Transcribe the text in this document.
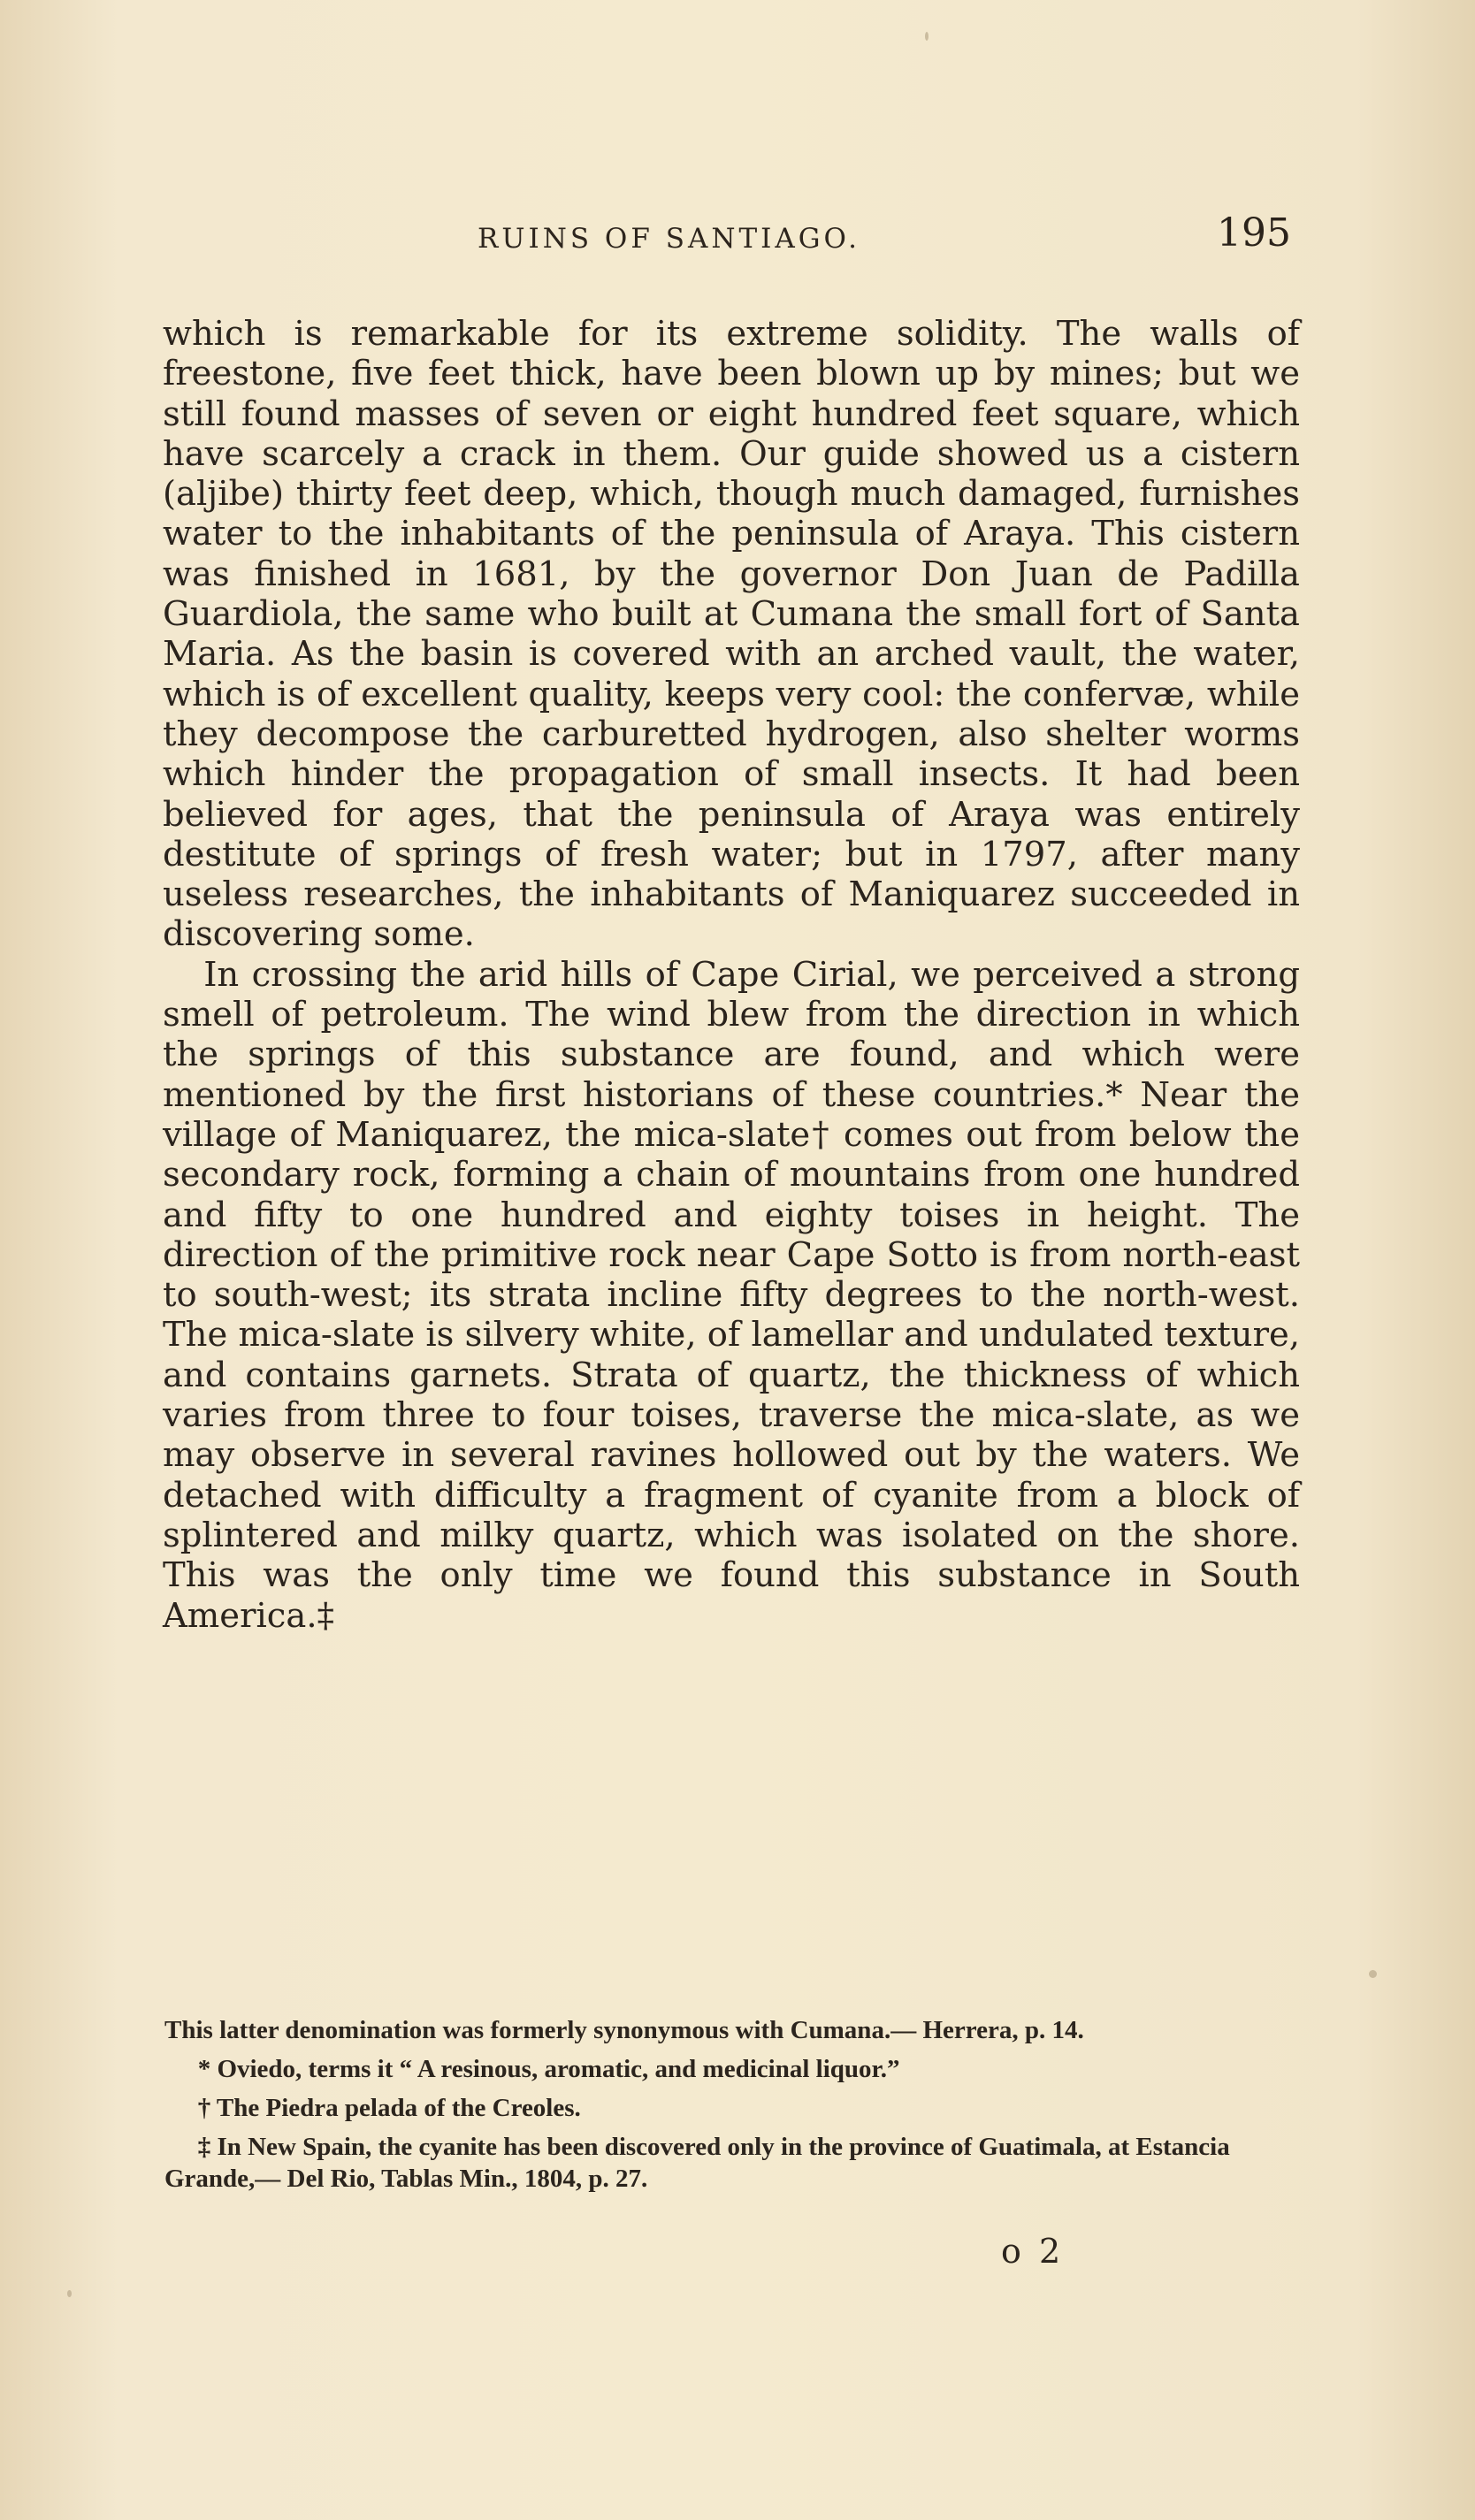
RUINS OF SANTIAGO.	195

which is remarkable for its extreme solidity. The walls of freestone, five feet thick, have been blown up by mines; but we still found masses of seven or eight hundred feet square, which have scarcely a crack in them. Our guide showed us a cistern (aljibe) thirty feet deep, which, though much damaged, furnishes water to the inhabitants of the peninsula of Araya. This cistern was finished in 1681, by the governor Don Juan de Padilla Guardiola, the same who built at Cumana the small fort of Santa Maria. As the basin is covered with an arched vault, the water, which is of excellent quality, keeps very cool: the confervæ, while they decompose the carburetted hydrogen, also shelter worms which hinder the propagation of small insects. It had been believed for ages, that the peninsula of Araya was entirely destitute of springs of fresh water; but in 1797, after many useless researches, the inhabitants of Maniquarez succeeded in discovering some.

In crossing the arid hills of Cape Cirial, we perceived a strong smell of petroleum. The wind blew from the direction in which the springs of this substance are found, and which were mentioned by the first historians of these countries.* Near the village of Maniquarez, the mica-slate† comes out from below the secondary rock, forming a chain of mountains from one hundred and fifty to one hundred and eighty toises in height. The direction of the primitive rock near Cape Sotto is from north-east to south-west; its strata incline fifty degrees to the north-west. The mica-slate is silvery white, of lamellar and undulated texture, and contains garnets. Strata of quartz, the thickness of which varies from three to four toises, traverse the mica-slate, as we may observe in several ravines hollowed out by the waters. We detached with difficulty a fragment of cyanite from a block of splintered and milky quartz, which was isolated on the shore. This was the only time we found this substance in South America.‡

This latter denomination was formerly synonymous with Cumana.— Herrera, p. 14.

* Oviedo, terms it “ A resinous, aromatic, and medicinal liquor.”

† The Piedra pelada of the Creoles.

‡ In New Spain, the cyanite has been discovered only in the province of Guatimala, at Estancia Grande,— Del Rio, Tablas Min., 1804, p. 27.

o 2
